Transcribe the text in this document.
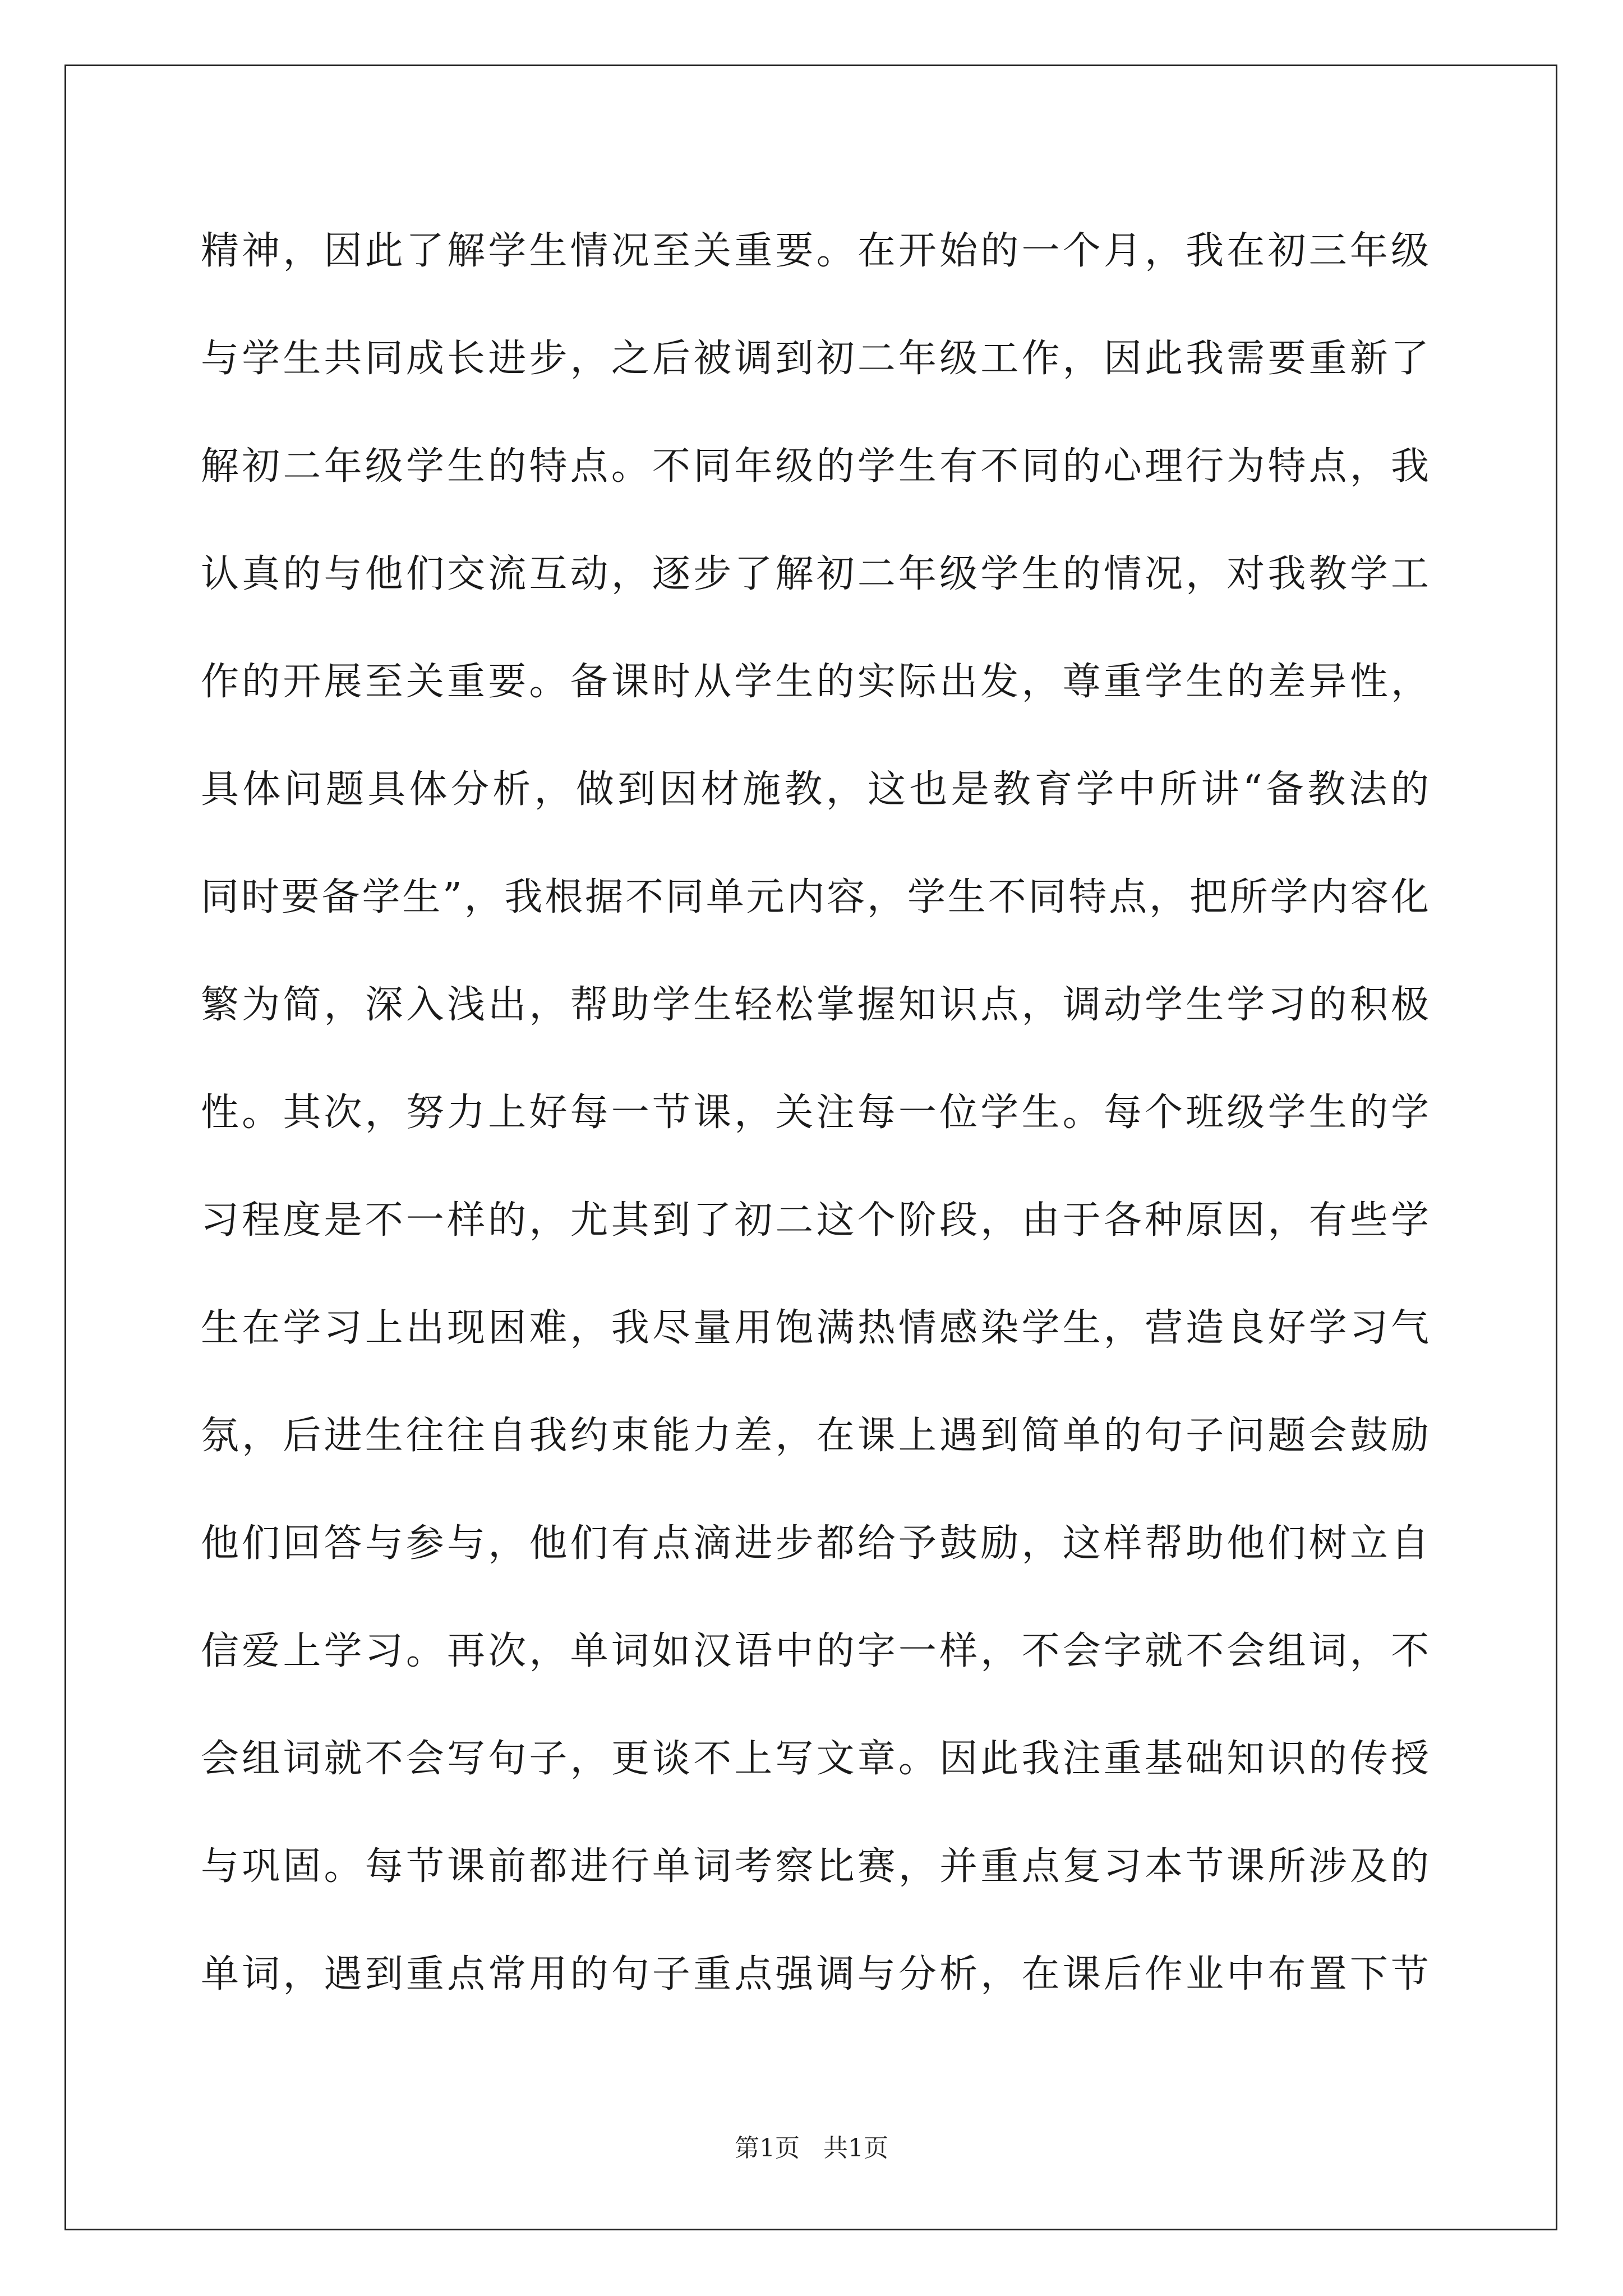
精神，因此了解学生情况至关重要。在开始的一个月，我在初三年级
与学生共同成长进步，之后被调到初二年级工作，因此我需要重新了
解初二年级学生的特点。不同年级的学生有不同的心理行为特点，我
认真的与他们交流互动，逐步了解初二年级学生的情况，对我教学工
作的开展至关重要。备课时从学生的实际出发，尊重学生的差异性，
具体问题具体分析，做到因材施教，这也是教育学中所讲“备教法的
同时要备学生”，我根据不同单元内容，学生不同特点，把所学内容化
繁为简，深入浅出，帮助学生轻松掌握知识点，调动学生学习的积极
性。其次，努力上好每一节课，关注每一位学生。每个班级学生的学
习程度是不一样的，尤其到了初二这个阶段，由于各种原因，有些学
生在学习上出现困难，我尽量用饱满热情感染学生，营造良好学习气
氛，后进生往往自我约束能力差，在课上遇到简单的句子问题会鼓励
他们回答与参与，他们有点滴进步都给予鼓励，这样帮助他们树立自
信爱上学习。再次，单词如汉语中的字一样，不会字就不会组词，不
会组词就不会写句子，更谈不上写文章。因此我注重基础知识的传授
与巩固。每节课前都进行单词考察比赛，并重点复习本节课所涉及的
单词，遇到重点常用的句子重点强调与分析，在课后作业中布置下节
第1页 共1页
